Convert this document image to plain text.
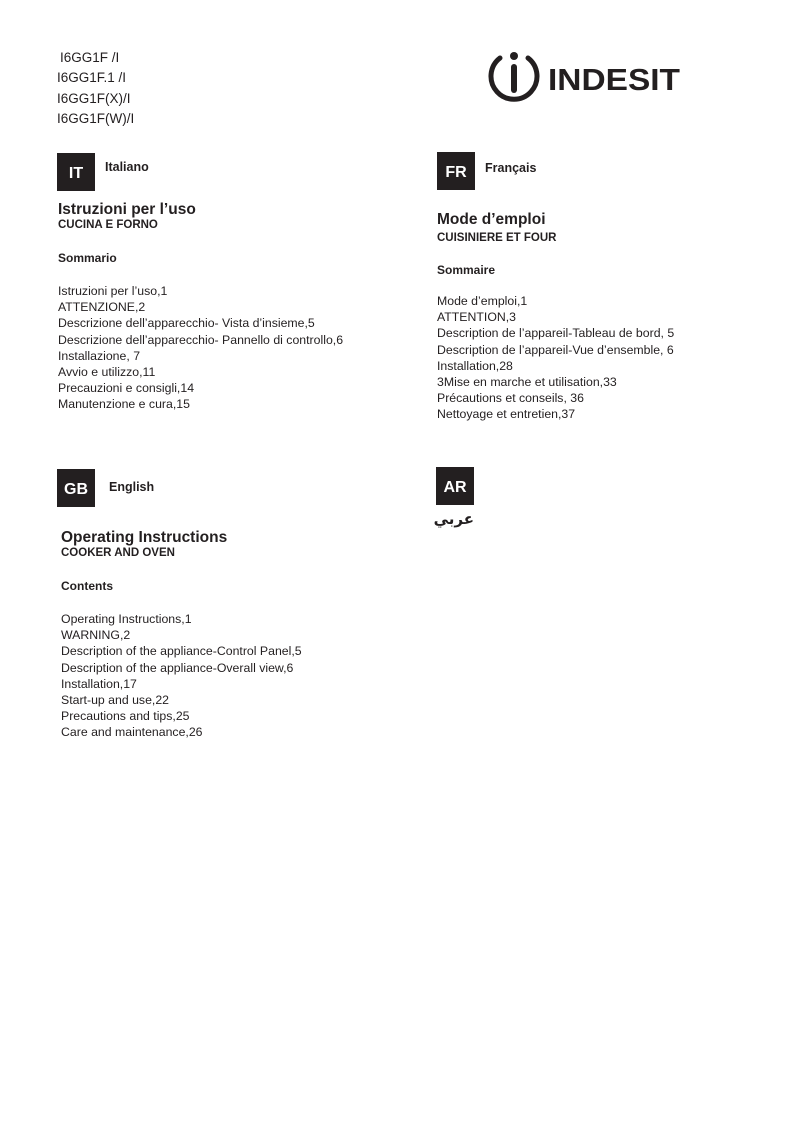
I6GG1F /I
I6GG1F.1 /I
I6GG1F(X)/I
I6GG1F(W)/I
INDESIT
IT Italiano
Istruzioni per l’uso
CUCINA E FORNO
Sommario
Istruzioni per l’uso,1
ATTENZIONE,2
Descrizione dell’apparecchio- Vista d’insieme,5
Descrizione dell’apparecchio- Pannello di controllo,6
Installazione, 7
Avvio e utilizzo,11
Precauzioni e consigli,14
Manutenzione e cura,15
FR Français
Mode d’emploi
CUISINIERE ET FOUR
Sommaire
Mode d’emploi,1
ATTENTION,3
Description de l’appareil-Tableau de bord, 5
Description de l’appareil-Vue d’ensemble, 6
Installation,28
3Mise en marche et utilisation,33
Précautions et conseils, 36
Nettoyage et entretien,37
GB English
Operating Instructions
COOKER AND OVEN
Contents
Operating Instructions,1
WARNING,2
Description of the appliance-Control Panel,5
Description of the appliance-Overall view,6
Installation,17
Start-up and use,22
Precautions and tips,25
Care and maintenance,26
AR
عربي
